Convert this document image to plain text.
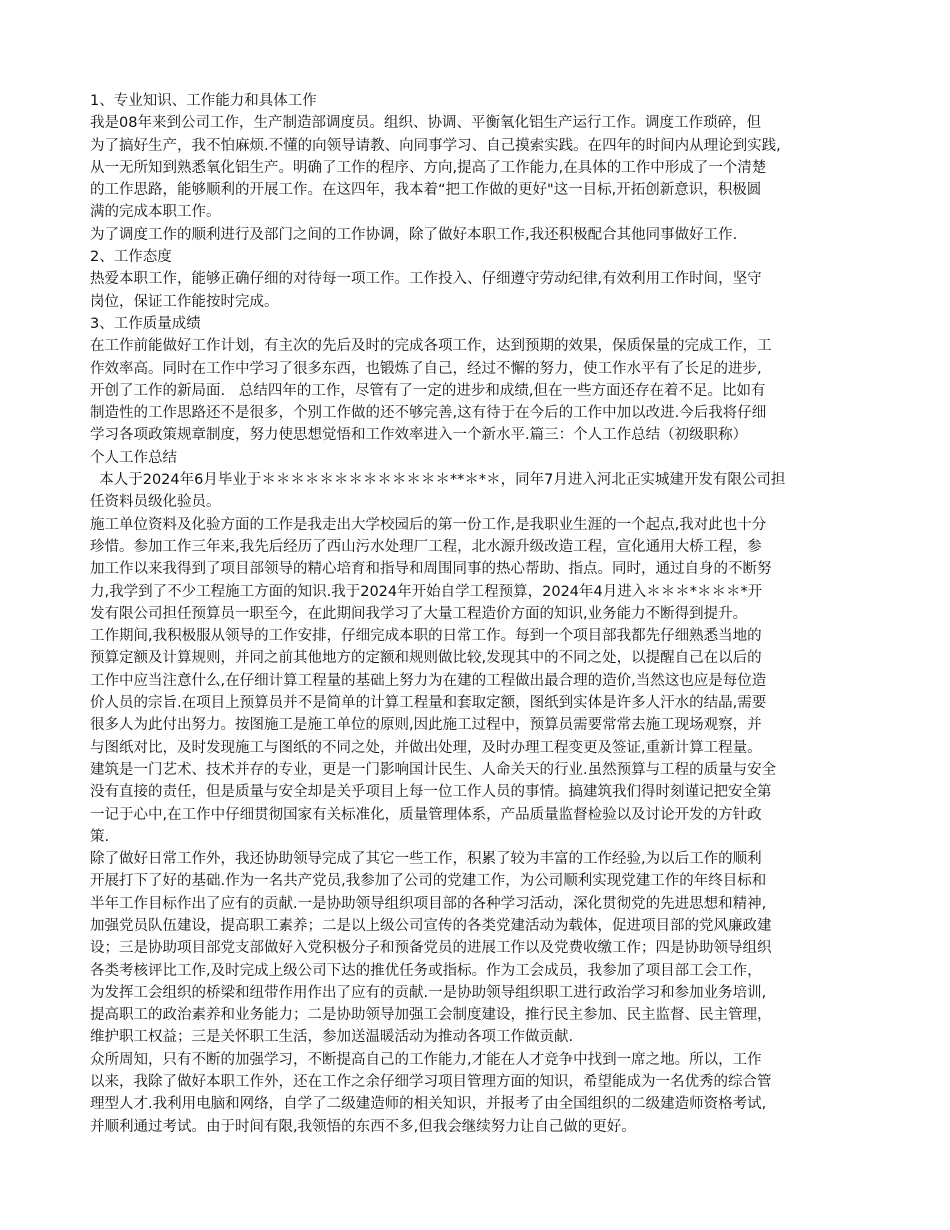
1、专业知识、工作能力和具体工作
我是08年来到公司工作，生产制造部调度员。组织、协调、平衡氧化铝生产运行工作。调度工作琐碎，但
为了搞好生产，我不怕麻烦.不懂的向领导请教、向同事学习、自己摸索实践。在四年的时间内从理论到实践,
从一无所知到熟悉氧化铝生产。明确了工作的程序、方向,提高了工作能力,在具体的工作中形成了一个清楚
的工作思路，能够顺利的开展工作。在这四年，我本着“把工作做的更好"这一目标,开拓创新意识，积极圆
满的完成本职工作。
为了调度工作的顺利进行及部门之间的工作协调，除了做好本职工作,我还积极配合其他同事做好工作.
2、工作态度
热爱本职工作，能够正确仔细的对待每一项工作。工作投入、仔细遵守劳动纪律,有效利用工作时间，坚守
岗位，保证工作能按时完成。
3、工作质量成绩
在工作前能做好工作计划，有主次的先后及时的完成各项工作，达到预期的效果，保质保量的完成工作，工
作效率高。同时在工作中学习了很多东西，也锻炼了自己，经过不懈的努力，使工作水平有了长足的进步,
开创了工作的新局面.   总结四年的工作，尽管有了一定的进步和成绩,但在一些方面还存在着不足。比如有
制造性的工作思路还不是很多，个别工作做的还不够完善,这有待于在今后的工作中加以改进.今后我将仔细
学习各项政策规章制度，努力使思想觉悟和工作效率进入一个新水平.篇三：个人工作总结（初级职称）
个人工作总结
本人于2024年6月毕业于＊＊＊＊＊＊＊＊＊＊＊＊＊**＊*＊，同年7月进入河北正实城建开发有限公司担
任资料员级化验员。
施工单位资料及化验方面的工作是我走出大学校园后的第一份工作,是我职业生涯的一个起点,我对此也十分
珍惜。参加工作三年来,我先后经历了西山污水处理厂工程，北水源升级改造工程，宣化通用大桥工程，参
加工作以来我得到了项目部领导的精心培育和指导和周围同事的热心帮助、指点。同时，通过自身的不断努
力,我学到了不少工程施工方面的知识.我于2024年开始自学工程预算，2024年4月进入＊＊＊*＊＊＊*开
发有限公司担任预算员一职至今，在此期间我学习了大量工程造价方面的知识,业务能力不断得到提升。
工作期间,我积极服从领导的工作安排，仔细完成本职的日常工作。每到一个项目部我都先仔细熟悉当地的
预算定额及计算规则，并同之前其他地方的定额和规则做比较,发现其中的不同之处，以提醒自己在以后的
工作中应当注意什么,在仔细计算工程量的基础上努力为在建的工程做出最合理的造价,当然这也应是每位造
价人员的宗旨.在项目上预算员并不是简单的计算工程量和套取定额，图纸到实体是许多人汗水的结晶,需要
很多人为此付出努力。按图施工是施工单位的原则,因此施工过程中，预算员需要常常去施工现场观察，并
与图纸对比，及时发现施工与图纸的不同之处，并做出处理，及时办理工程变更及签证,重新计算工程量。
建筑是一门艺术、技术并存的专业，更是一门影响国计民生、人命关天的行业.虽然预算与工程的质量与安全
没有直接的责任，但是质量与安全却是关乎项目上每一位工作人员的事情。搞建筑我们得时刻谨记把安全第
一记于心中,在工作中仔细贯彻国家有关标准化，质量管理体系，产品质量监督检验以及讨论开发的方针政
策.
除了做好日常工作外，我还协助领导完成了其它一些工作，积累了较为丰富的工作经验,为以后工作的顺利
开展打下了好的基础.作为一名共产党员,我参加了公司的党建工作，为公司顺利实现党建工作的年终目标和
半年工作目标作出了应有的贡献.一是协助领导组织项目部的各种学习活动，深化贯彻党的先进思想和精神,
加强党员队伍建设，提高职工素养；二是以上级公司宣传的各类党建活动为载体，促进项目部的党风廉政建
设；三是协助项目部党支部做好入党积极分子和预备党员的进展工作以及党费收缴工作；四是协助领导组织
各类考核评比工作,及时完成上级公司下达的推优任务或指标。作为工会成员，我参加了项目部工会工作，
为发挥工会组织的桥梁和纽带作用作出了应有的贡献.一是协助领导组织职工进行政治学习和参加业务培训,
提高职工的政治素养和业务能力；二是协助领导加强工会制度建设，推行民主参加、民主监督、民主管理，
维护职工权益；三是关怀职工生活，参加送温暖活动为推动各项工作做贡献.
众所周知，只有不断的加强学习，不断提高自己的工作能力,才能在人才竞争中找到一席之地。所以，工作
以来，我除了做好本职工作外，还在工作之余仔细学习项目管理方面的知识，希望能成为一名优秀的综合管
理型人才.我利用电脑和网络，自学了二级建造师的相关知识，并报考了由全国组织的二级建造师资格考试,
并顺利通过考试。由于时间有限,我领悟的东西不多,但我会继续努力让自己做的更好。
